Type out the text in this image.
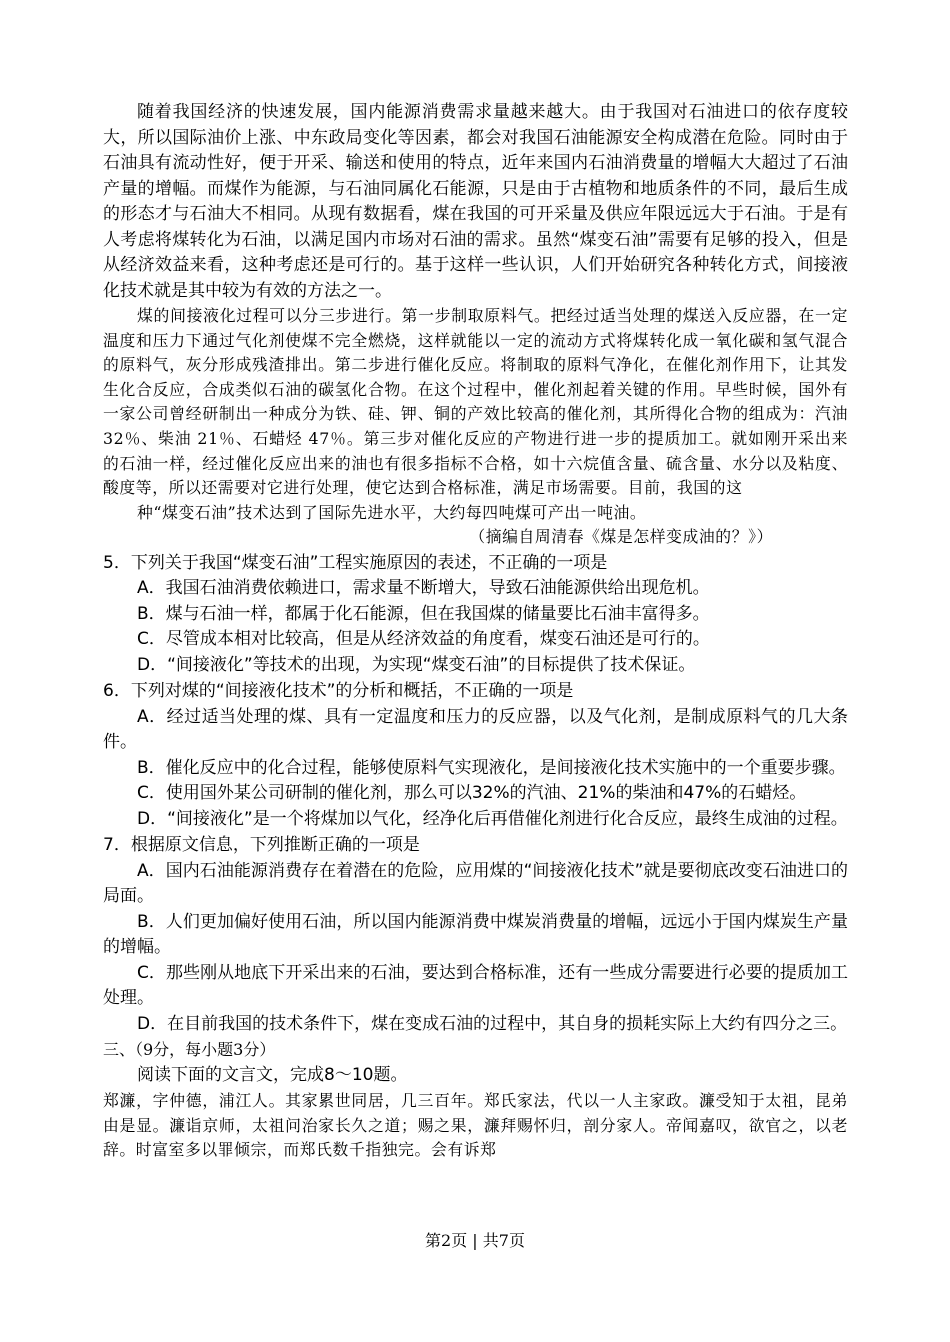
随着我国经济的快速发展，国内能源消费需求量越来越大。由于我国对石油进口的依存度较大，所以国际油价上涨、中东政局变化等因素，都会对我国石油能源安全构成潜在危险。同时由于石油具有流动性好，便于开采、输送和使用的特点，近年来国内石油消费量的增幅大大超过了石油产量的增幅。而煤作为能源，与石油同属化石能源，只是由于古植物和地质条件的不同，最后生成的形态才与石油大不相同。从现有数据看，煤在我国的可开采量及供应年限远远大于石油。于是有人考虑将煤转化为石油，以满足国内市场对石油的需求。虽然“煤变石油”需要有足够的投入，但是从经济效益来看，这种考虑还是可行的。基于这样一些认识，人们开始研究各种转化方式，间接液化技术就是其中较为有效的方法之一。

煤的间接液化过程可以分三步进行。第一步制取原料气。把经过适当处理的煤送入反应器，在一定温度和压力下通过气化剂使煤不完全燃烧，这样就能以一定的流动方式将煤转化成一氧化碳和氢气混合的原料气，灰分形成残渣排出。第二步进行催化反应。将制取的原料气净化，在催化剂作用下，让其发生化合反应，合成类似石油的碳氢化合物。在这个过程中，催化剂起着关键的作用。早些时候，国外有一家公司曾经研制出一种成分为铁、硅、钾、铜的产效比较高的催化剂，其所得化合物的组成为：汽油 32％、柴油 21％、石蜡烃 47％。第三步对催化反应的产物进行进一步的提质加工。就如刚开采出来的石油一样，经过催化反应出来的油也有很多指标不合格，如十六烷值含量、硫含量、水分以及粘度、酸度等，所以还需要对它进行处理，使它达到合格标准，满足市场需要。目前，我国的这

种“煤变石油”技术达到了国际先进水平，大约每四吨煤可产出一吨油。

（摘编自周清春《煤是怎样变成油的？》）

5．下列关于我国“煤变石油”工程实施原因的表述，不正确的一项是

A．我国石油消费依赖进口，需求量不断增大，导致石油能源供给出现危机。

B．煤与石油一样，都属于化石能源，但在我国煤的储量要比石油丰富得多。

C．尽管成本相对比较高，但是从经济效益的角度看，煤变石油还是可行的。

D．“间接液化”等技术的出现，为实现“煤变石油”的目标提供了技术保证。

6．下列对煤的“间接液化技术”的分析和概括，不正确的一项是

A．经过适当处理的煤、具有一定温度和压力的反应器，以及气化剂，是制成原料气的几大条件。

B．催化反应中的化合过程，能够使原料气实现液化，是间接液化技术实施中的一个重要步骤。

C．使用国外某公司研制的催化剂，那么可以32%的汽油、21%的柴油和47%的石蜡烃。

D．“间接液化”是一个将煤加以气化，经净化后再借催化剂进行化合反应，最终生成油的过程。

7．根据原文信息，下列推断正确的一项是

A．国内石油能源消费存在着潜在的危险，应用煤的“间接液化技术”就是要彻底改变石油进口的局面。

B．人们更加偏好使用石油，所以国内能源消费中煤炭消费量的增幅，远远小于国内煤炭生产量的增幅。

C．那些刚从地底下开采出来的石油，要达到合格标准，还有一些成分需要进行必要的提质加工处理。

D．在目前我国的技术条件下，煤在变成石油的过程中，其自身的损耗实际上大约有四分之三。

三、（9分，每小题3分）

阅读下面的文言文，完成8～10题。

郑濂，字仲德，浦江人。其家累世同居，几三百年。郑氏家法，代以一人主家政。濂受知于太祖，昆弟由是显。濂诣京师，太祖问治家长久之道；赐之果，濂拜赐怀归，剖分家人。帝闻嘉叹，欲官之，以老辞。时富室多以罪倾宗，而郑氏数千指独完。会有诉郑

第2页 | 共7页
